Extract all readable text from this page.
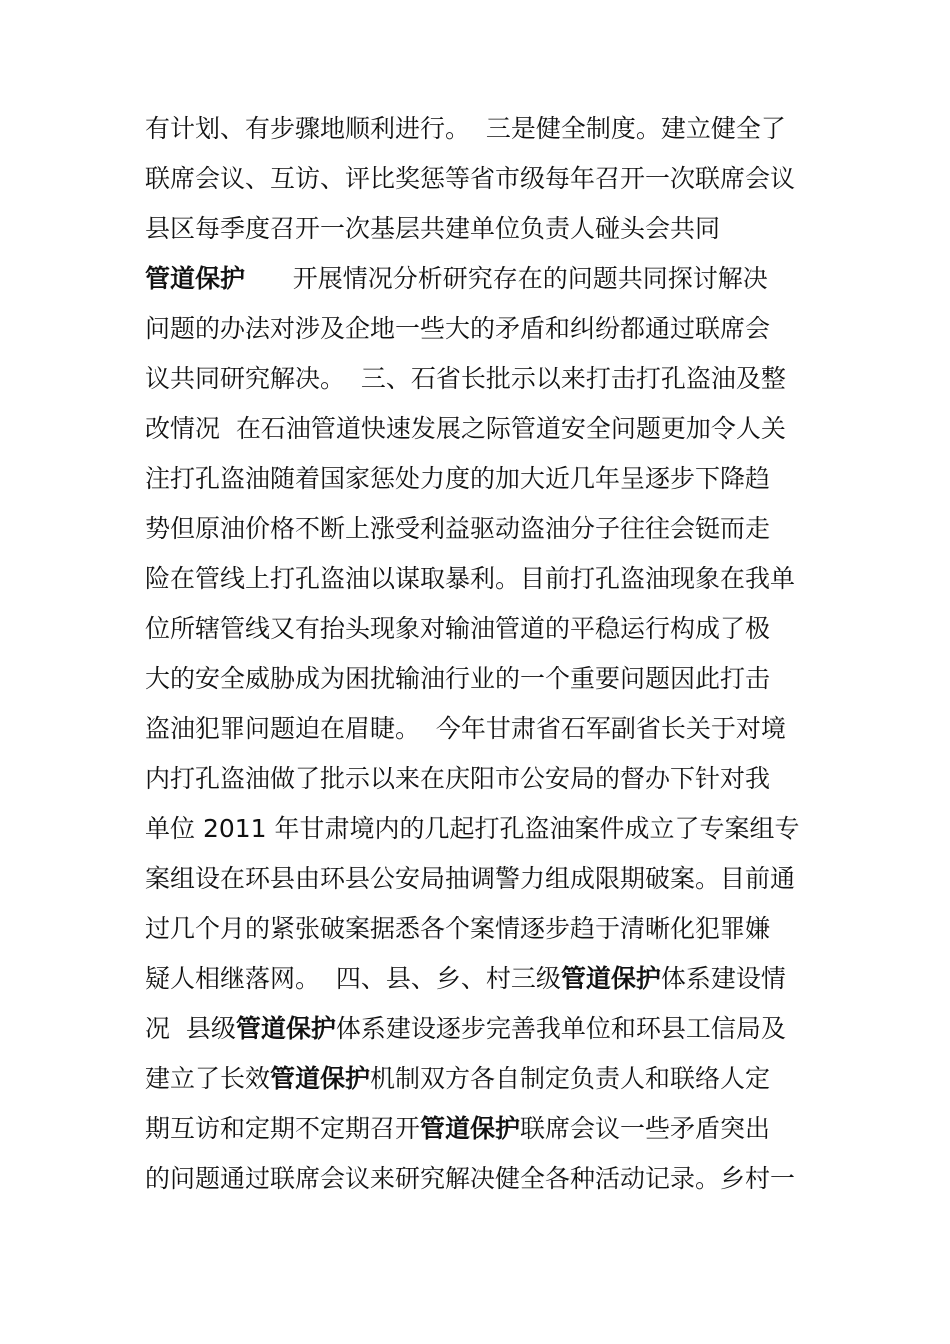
有计划、有步骤地顺利进行。  三是健全制度。建立健全了
联席会议、互访、评比奖惩等省市级每年召开一次联席会议
县区每季度召开一次基层共建单位负责人碰头会共同
管道保护      开展情况分析研究存在的问题共同探讨解决
问题的办法对涉及企地一些大的矛盾和纠纷都通过联席会
议共同研究解决。  三、石省长批示以来打击打孔盗油及整
改情况  在石油管道快速发展之际管道安全问题更加令人关
注打孔盗油随着国家惩处力度的加大近几年呈逐步下降趋
势但原油价格不断上涨受利益驱动盗油分子往往会铤而走
险在管线上打孔盗油以谋取暴利。目前打孔盗油现象在我单
位所辖管线又有抬头现象对输油管道的平稳运行构成了极
大的安全威胁成为困扰输油行业的一个重要问题因此打击
盗油犯罪问题迫在眉睫。  今年甘肃省石军副省长关于对境
内打孔盗油做了批示以来在庆阳市公安局的督办下针对我
单位 2011 年甘肃境内的几起打孔盗油案件成立了专案组专
案组设在环县由环县公安局抽调警力组成限期破案。目前通
过几个月的紧张破案据悉各个案情逐步趋于清晰化犯罪嫌
疑人相继落网。  四、县、乡、村三级管道保护体系建设情
况  县级管道保护体系建设逐步完善我单位和环县工信局及
建立了长效管道保护机制双方各自制定负责人和联络人定
期互访和定期不定期召开管道保护联席会议一些矛盾突出
的问题通过联席会议来研究解决健全各种活动记录。乡村一
